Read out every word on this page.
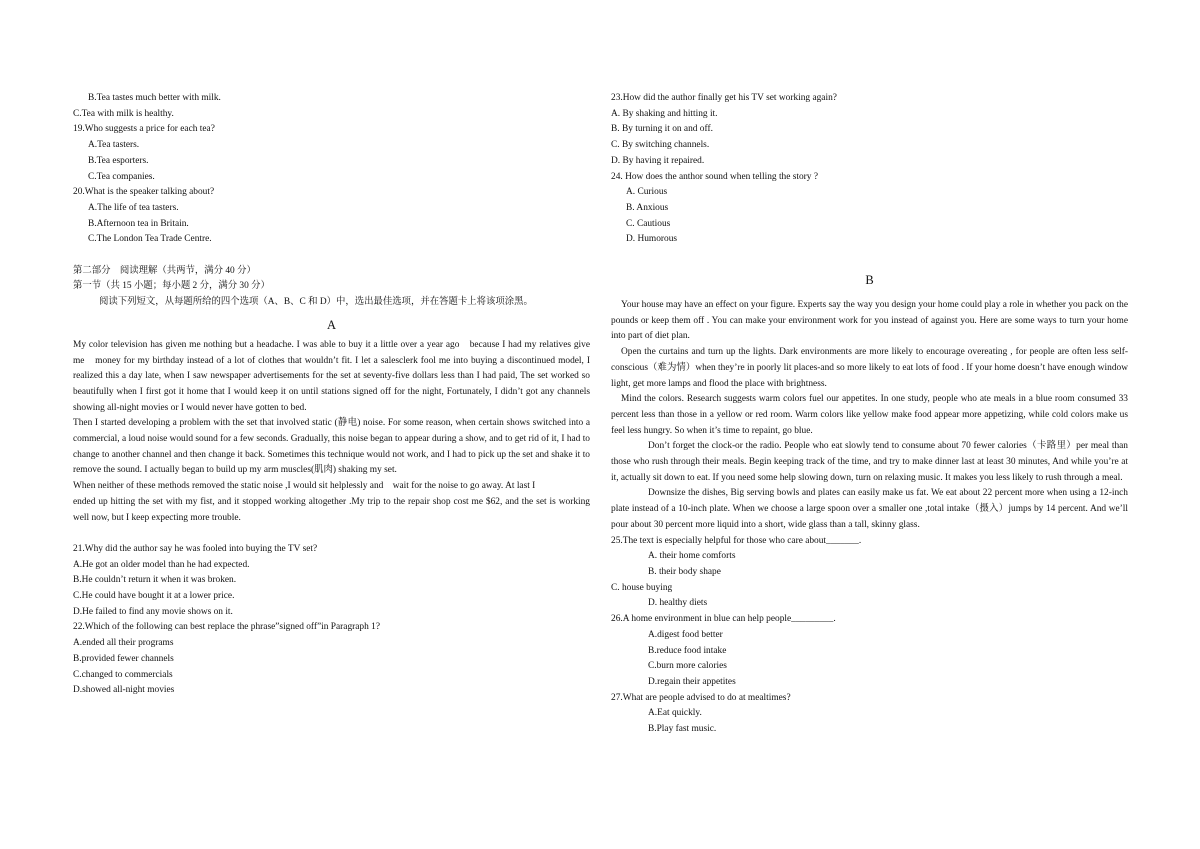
B.Tea tastes much better with milk.
C.Tea with milk is healthy.
19.Who suggests a price for each tea?
A.Tea tasters.
B.Tea esporters.
C.Tea companies.
20.What is the speaker talking about?
A.The life of tea tasters.
B.Afternoon tea in Britain.
C.The London Tea Trade Centre.
第二部分　阅读理解（共两节，满分 40 分）
第一节（共 15 小题；每小题 2 分，满分 30 分）
阅读下列短文，从每题所给的四个选项（A、B、C 和 D）中，选出最佳选项，并在答题卡上将该项涂黑。
A
My color television has given me nothing but a headache. I was able to buy it a little over a year ago　because I had my relatives give me　money for my birthday instead of a lot of clothes that wouldn’t fit. I let a salesclerk fool me into buying a discontinued model, I realized this a day late, when I saw newspaper advertisements for the set at seventy-five dollars less than I had paid, The set worked so beautifully when I first got it home that I would keep it on until stations signed off for the night, Fortunately, I didn’t got any channels showing all-night movies or I would never have gotten to bed.
Then I started developing a problem with the set that involved static (静电) noise. For some reason, when certain shows switched into a commercial, a loud noise would sound for a few seconds. Gradually, this noise began to appear during a show, and to get rid of it, I had to change to another channel and then change it back. Sometimes this technique would not work, and I had to pick up the set and shake it to remove the sound. I actually began to build up my arm muscles(肌肉) shaking my set.
When neither of these methods removed the static noise ,I would sit helplessly and　wait for the noise to go away. At last I
ended up hitting the set with my fist, and it stopped working altogether .My trip to the repair shop cost me $62, and the set is working well now, but I keep expecting more trouble.
21.Why did the author say he was fooled into buying the TV set?
A.He got an older model than he had expected.
B.He couldn’t return it when it was broken.
C.He could have bought it at a lower price.
D.He failed to find any movie shows on it.
22.Which of the following can best replace the phrase”signed off”in Paragraph 1?
A.ended all their programs
B.provided fewer channels
C.changed to commercials
D.showed all-night movies
23.How did the author finally get his TV set working again?
A. By shaking and hitting it.
B. By turning it on and off.
C. By switching channels.
D. By having it repaired.
24. How does the anthor sound when telling the story ?
A. Curious
B. Anxious
C. Cautious
D. Humorous
B
Your house may have an effect on your figure. Experts say the way you design your home could play a role in whether you pack on the pounds or keep them off . You can make your environment work for you instead of against you. Here are some ways to turn your home into part of diet plan.
Open the curtains and turn up the lights. Dark environments are more likely to encourage overeating , for people are often less self-conscious（难为情）when they’re in poorly lit places-and so more likely to eat lots of food . If your home doesn’t have enough window light, get more lamps and flood the place with brightness.
Mind the colors. Research suggests warm colors fuel our appetites. In one study, people who ate meals in a blue room consumed 33 percent less than those in a yellow or red room. Warm colors like yellow make food appear more appetizing, while cold colors make us feel less hungry. So when it’s time to repaint, go blue.
Don’t forget the clock-or the radio. People who eat slowly tend to consume about 70 fewer calories（卡路里）per meal than those who rush through their meals. Begin keeping track of the time, and try to make dinner last at least 30 minutes, And while you’re at it, actually sit down to eat. If you need some help slowing down, turn on relaxing music. It makes you less likely to rush through a meal.
Downsize the dishes, Big serving bowls and plates can easily make us fat. We eat about 22 percent more when using a 12-inch plate instead of a 10-inch plate. When we choose a large spoon over a smaller one ,total intake（摄入）jumps by 14 percent. And we’ll pour about 30 percent more liquid into a short, wide glass than a tall, skinny glass.
25.The text is especially helpful for those who care about_______.
A. their home comforts
B. their body shape
C. house buying
D. healthy diets
26.A home environment in blue can help people_________.
A.digest food better
B.reduce food intake
C.burn more calories
D.regain their appetites
27.What are people advised to do at mealtimes?
A.Eat quickly.
B.Play fast music.
